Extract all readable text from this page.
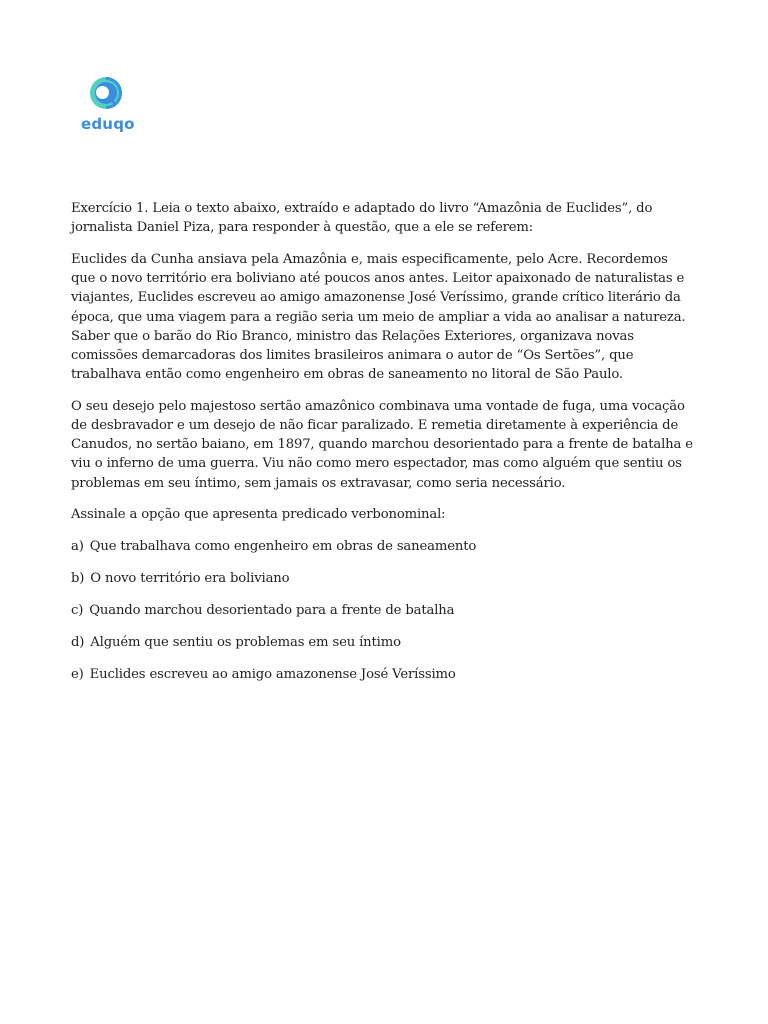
eduqo

Exercício 1. Leia o texto abaixo, extraído e adaptado do livro “Amazônia de Euclides”, do jornalista Daniel Piza, para responder à questão, que a ele se referem:

Euclides da Cunha ansiava pela Amazônia e, mais especificamente, pelo Acre. Recordemos que o novo território era boliviano até poucos anos antes. Leitor apaixonado de naturalistas e viajantes, Euclides escreveu ao amigo amazonense José Veríssimo, grande crítico literário da época, que uma viagem para a região seria um meio de ampliar a vida ao analisar a natureza. Saber que o barão do Rio Branco, ministro das Relações Exteriores, organizava novas comissões demarcadoras dos limites brasileiros animara o autor de “Os Sertões”, que trabalhava então como engenheiro em obras de saneamento no litoral de São Paulo.

O seu desejo pelo majestoso sertão amazônico combinava uma vontade de fuga, uma vocação de desbravador e um desejo de não ficar paralizado. E remetia diretamente à experiência de Canudos, no sertão baiano, em 1897, quando marchou desorientado para a frente de batalha e viu o inferno de uma guerra. Viu não como mero espectador, mas como alguém que sentiu os problemas em seu íntimo, sem jamais os extravasar, como seria necessário.

Assinale a opção que apresenta predicado verbonominal:

a) Que trabalhava como engenheiro em obras de saneamento
b) O novo território era boliviano
c) Quando marchou desorientado para a frente de batalha
d) Alguém que sentiu os problemas em seu íntimo
e) Euclides escreveu ao amigo amazonense José Veríssimo
